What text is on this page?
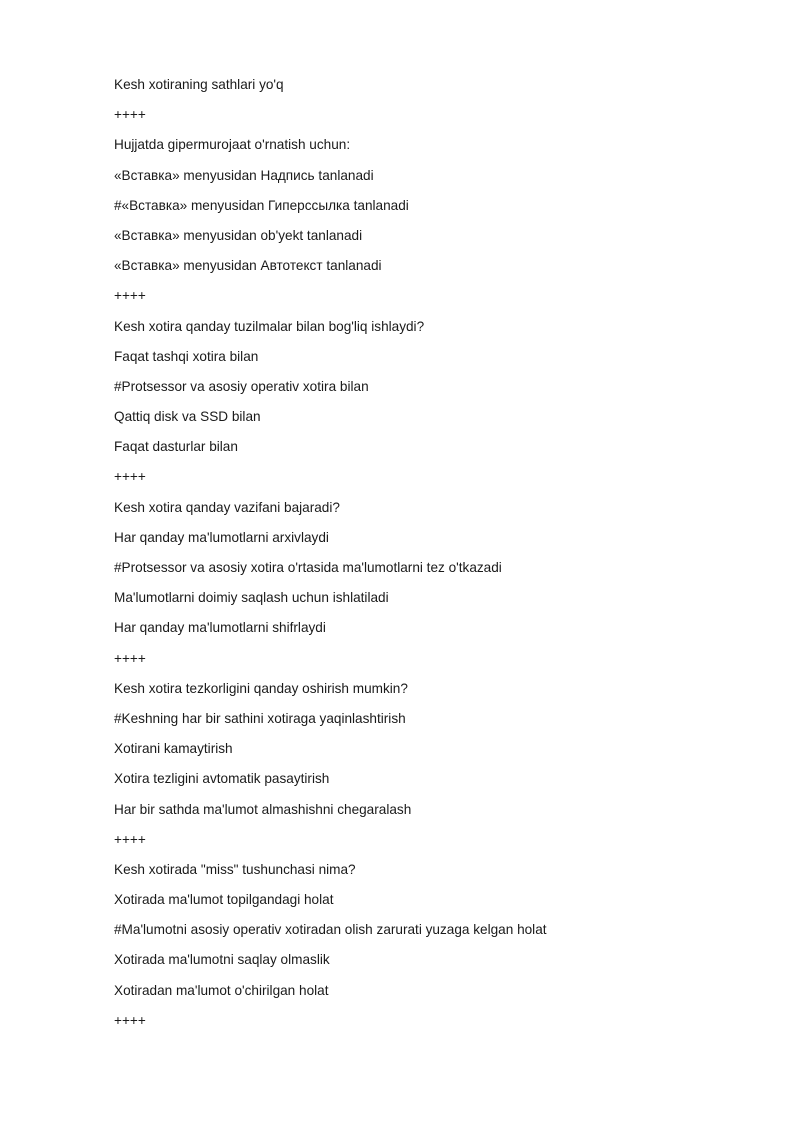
Kesh xotiraning sathlari yo'q
++++
Hujjatda gipermurojaat o'rnatish uchun:
«Вставка» menyusidan Надпись tanlanadi
#«Вставка» menyusidan Гиперссылка tanlanadi
«Вставка» menyusidan ob'yekt tanlanadi
«Вставка» menyusidan Автотекст tanlanadi
++++
Kesh xotira qanday tuzilmalar bilan bog'liq ishlaydi?
Faqat tashqi xotira bilan
#Protsessor va asosiy operativ xotira bilan
Qattiq disk va SSD bilan
Faqat dasturlar bilan
++++
Kesh xotira qanday vazifani bajaradi?
Har qanday ma'lumotlarni arxivlaydi
#Protsessor va asosiy xotira o'rtasida ma'lumotlarni tez o'tkazadi
Ma'lumotlarni doimiy saqlash uchun ishlatiladi
Har qanday ma'lumotlarni shifrlaydi
++++
Kesh xotira tezkorligini qanday oshirish mumkin?
#Keshning har bir sathini xotiraga yaqinlashtirish
Xotirani kamaytirish
Xotira tezligini avtomatik pasaytirish
Har bir sathda ma'lumot almashishni chegaralash
++++
Kesh xotirada "miss" tushunchasi nima?
Xotirada ma'lumot topilgandagi holat
#Ma'lumotni asosiy operativ xotiradan olish zarurati yuzaga kelgan holat
Xotirada ma'lumotni saqlay olmaslik
Xotiradan ma'lumot o'chirilgan holat
++++
